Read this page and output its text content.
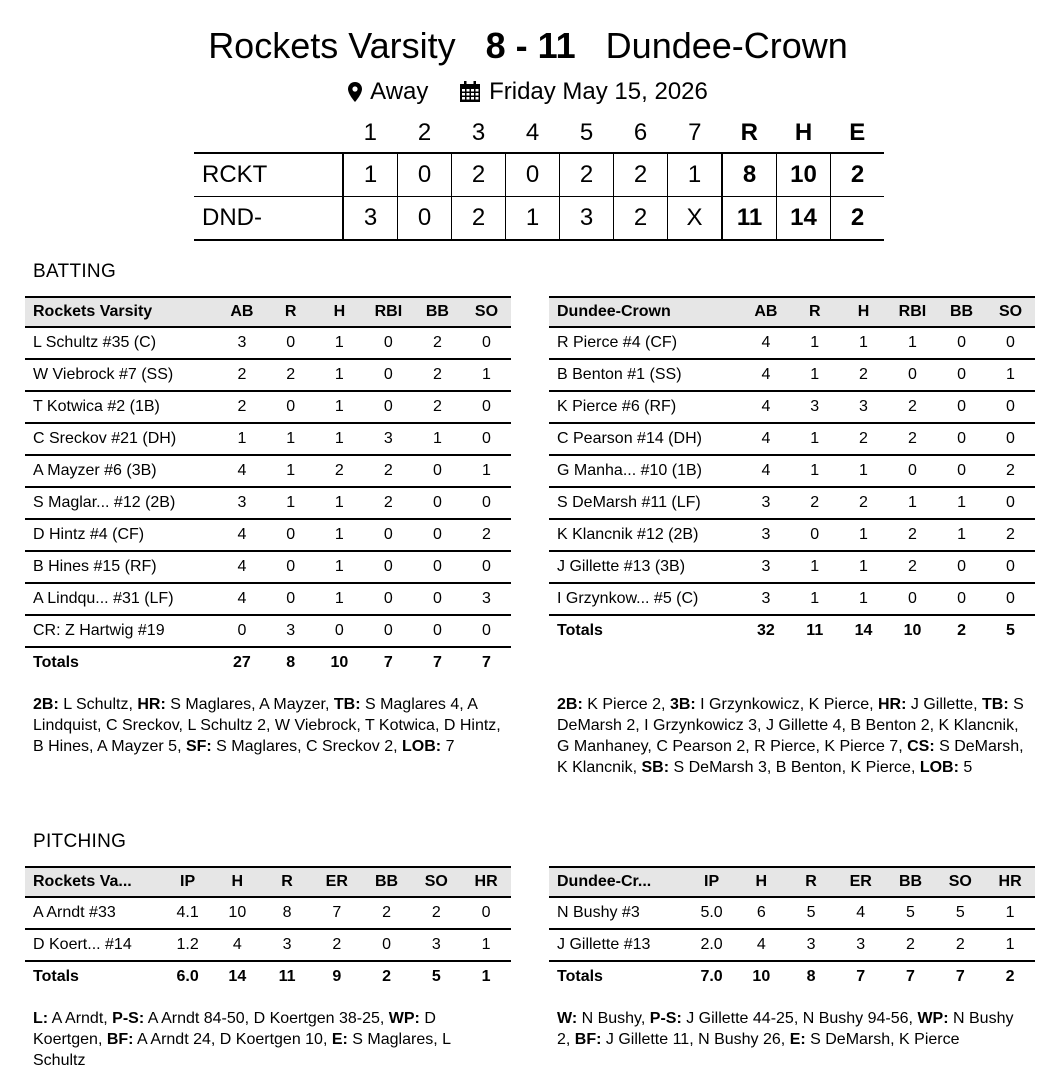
Rockets Varsity 8 - 11 Dundee-Crown
Away
	Friday May 15, 2026
	1	2	3	4	5	6	7	R	H	E
RCKT	1	0	2	0	2	2	1	8	10	2
DND-	3	0	2	1	3	2	X	11	14	2
BATTING
Rockets Varsity	AB	R	H	RBI	BB	SO
L Schultz #35 (C)	3	0	1	0	2	0
W Viebrock #7 (SS)	2	2	1	0	2	1
T Kotwica #2 (1B)	2	0	1	0	2	0
C Sreckov #21 (DH)	1	1	1	3	1	0
A Mayzer #6 (3B)	4	1	2	2	0	1
S Maglar... #12 (2B)	3	1	1	2	0	0
D Hintz #4 (CF)	4	0	1	0	0	2
B Hines #15 (RF)	4	0	1	0	0	0
A Lindqu... #31 (LF)	4	0	1	0	0	3
CR: Z Hartwig #19	0	3	0	0	0	0
Totals	27	8	10	7	7	7
Dundee-Crown	AB	R	H	RBI	BB	SO
R Pierce #4 (CF)	4	1	1	1	0	0
B Benton #1 (SS)	4	1	2	0	0	1
K Pierce #6 (RF)	4	3	3	2	0	0
C Pearson #14 (DH)	4	1	2	2	0	0
G Manha... #10 (1B)	4	1	1	0	0	2
S DeMarsh #11 (LF)	3	2	2	1	1	0
K Klancnik #12 (2B)	3	0	1	2	1	2
J Gillette #13 (3B)	3	1	1	2	0	0
I Grzynkow... #5 (C)	3	1	1	0	0	0
Totals	32	11	14	10	2	5
2B: L Schultz, HR: S Maglares, A Mayzer, TB: S Maglares 4, A Lindquist, C Sreckov, L Schultz 2, W Viebrock, T Kotwica, D Hintz, B Hines, A Mayzer 5, SF: S Maglares, C Sreckov 2, LOB: 7
2B: K Pierce 2, 3B: I Grzynkowicz, K Pierce, HR: J Gillette, TB: S DeMarsh 2, I Grzynkowicz 3, J Gillette 4, B Benton 2, K Klancnik, G Manhaney, C Pearson 2, R Pierce, K Pierce 7, CS: S DeMarsh, K Klancnik, SB: S DeMarsh 3, B Benton, K Pierce, LOB: 5
PITCHING
Rockets Va...	IP	H	R	ER	BB	SO	HR
A Arndt #33	4.1	10	8	7	2	2	0
D Koert... #14	1.2	4	3	2	0	3	1
Totals	6.0	14	11	9	2	5	1
Dundee-Cr...	IP	H	R	ER	BB	SO	HR
N Bushy #3	5.0	6	5	4	5	5	1
J Gillette #13	2.0	4	3	3	2	2	1
Totals	7.0	10	8	7	7	7	2
L: A Arndt, P-S: A Arndt 84-50, D Koertgen 38-25, WP: D Koertgen, BF: A Arndt 24, D Koertgen 10, E: S Maglares, L Schultz
W: N Bushy, P-S: J Gillette 44-25, N Bushy 94-56, WP: N Bushy 2, BF: J Gillette 11, N Bushy 26, E: S DeMarsh, K Pierce
